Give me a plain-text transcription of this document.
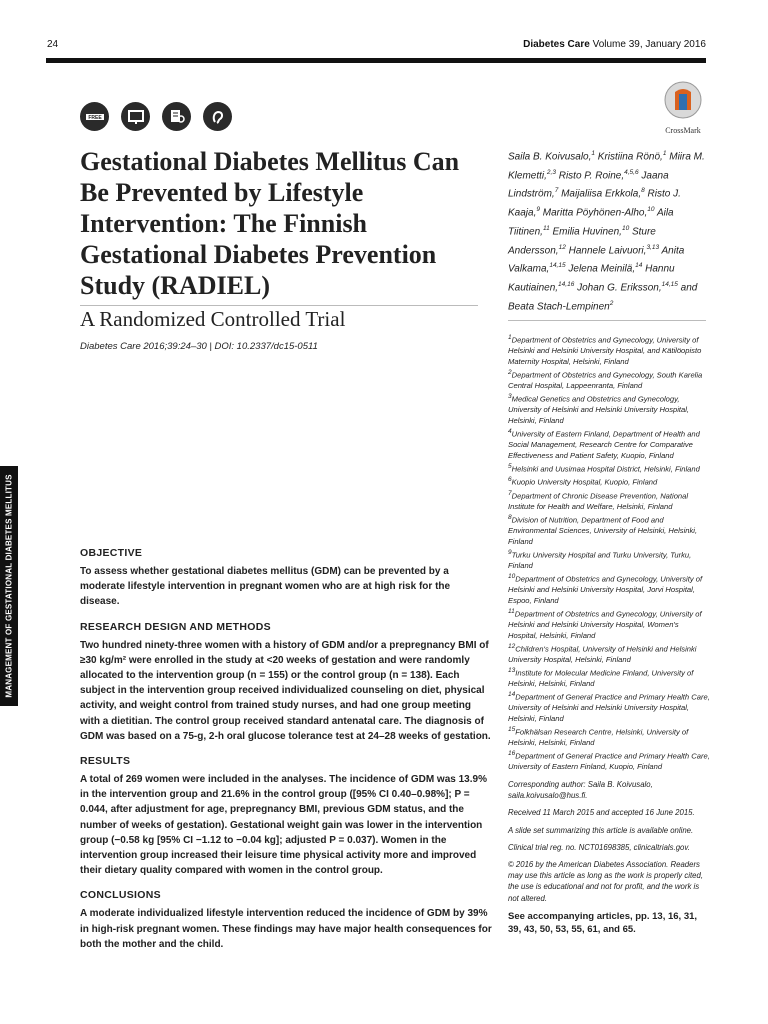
24	Diabetes Care Volume 39, January 2016
FREE
CrossMark
Gestational Diabetes Mellitus Can Be Prevented by Lifestyle Intervention: The Finnish Gestational Diabetes Prevention Study (RADIEL)
A Randomized Controlled Trial
Diabetes Care 2016;39:24–30 | DOI: 10.2337/dc15-0511
MANAGEMENT OF GESTATIONAL DIABETES MELLITUS	OBJECTIVE
To assess whether gestational diabetes mellitus (GDM) can be prevented by a moderate lifestyle intervention in pregnant women who are at high risk for the disease.
RESEARCH DESIGN AND METHODS
Two hundred ninety-three women with a history of GDM and/or a prepregnancy BMI of ≥30 kg/m² were enrolled in the study at <20 weeks of gestation and were randomly allocated to the intervention group (n = 155) or the control group (n = 138). Each subject in the intervention group received individualized counseling on diet, physical activity, and weight control from trained study nurses, and had one group meeting with a dietitian. The control group received standard antenatal care. The diagnosis of GDM was based on a 75-g, 2-h oral glucose tolerance test at 24–28 weeks of gestation.
RESULTS
A total of 269 women were included in the analyses. The incidence of GDM was 13.9% in the intervention group and 21.6% in the control group ([95% CI 0.40–0.98%]; P = 0.044, after adjustment for age, prepregnancy BMI, previous GDM status, and the number of weeks of gestation). Gestational weight gain was lower in the intervention group (−0.58 kg [95% CI −1.12 to −0.04 kg]; adjusted P = 0.037). Women in the intervention group increased their leisure time physical activity more and improved their dietary quality compared with women in the control group.
CONCLUSIONS
A moderate individualized lifestyle intervention reduced the incidence of GDM by 39% in high-risk pregnant women. These findings may have major health consequences for both the mother and the child.
Saila B. Koivusalo,$^1$ Kristiina Rönö,$^1$ Miira M. Klemetti,$^{2,3}$ Risto P. Roine,$^{4,5,6}$ Jaana Lindström,$^7$ Maijaliisa Erkkola,$^8$ Risto J. Kaaja,$^9$ Maritta Pöyhönen-Alho,$^{10}$ Aila Tiitinen,$^{11}$ Emilia Huvinen,$^{10}$ Sture Andersson,$^{12}$ Hannele Laivuori,$^{3,13}$ Anita Valkama,$^{14,15}$ Jelena Meinilä,$^{14}$ Hannu Kautiainen,$^{14,16}$ Johan G. Eriksson,$^{14,15}$ and Beata Stach-Lempinen$^2$
$^1$Department of Obstetrics and Gynecology, University of Helsinki and Helsinki University Hospital, and Kätilöopisto Maternity Hospital, Helsinki, Finland
$^2$Department of Obstetrics and Gynecology, South Karelia Central Hospital, Lappeenranta, Finland
$^3$Medical Genetics and Obstetrics and Gynecology, University of Helsinki and Helsinki University Hospital, Helsinki, Finland
$^4$University of Eastern Finland, Department of Health and Social Management, Research Centre for Comparative Effectiveness and Patient Safety, Kuopio, Finland
$^5$Helsinki and Uusimaa Hospital District, Helsinki, Finland
$^6$Kuopio University Hospital, Kuopio, Finland
$^7$Department of Chronic Disease Prevention, National Institute for Health and Welfare, Helsinki, Finland
$^8$Division of Nutrition, Department of Food and Environmental Sciences, University of Helsinki, Helsinki, Finland
$^9$Turku University Hospital and Turku University, Turku, Finland
$^{10}$Department of Obstetrics and Gynecology, University of Helsinki and Helsinki University Hospital, Jorvi Hospital, Espoo, Finland
$^{11}$Department of Obstetrics and Gynecology, University of Helsinki and Helsinki University Hospital, Women's Hospital, Helsinki, Finland
$^{12}$Children's Hospital, University of Helsinki and Helsinki University Hospital, Helsinki, Finland
$^{13}$Institute for Molecular Medicine Finland, University of Helsinki, Helsinki, Finland
$^{14}$Department of General Practice and Primary Health Care, University of Helsinki and Helsinki University Hospital, Helsinki, Finland
$^{15}$Folkhälsan Research Centre, Helsinki, University of Helsinki, Helsinki, Finland
$^{16}$Department of General Practice and Primary Health Care, University of Eastern Finland, Kuopio, Finland
Corresponding author: Saila B. Koivusalo, saila.koivusalo@hus.fi.
Received 11 March 2015 and accepted 16 June 2015.
A slide set summarizing this article is available online.
Clinical trial reg. no. NCT01698385, clinicaltrials.gov.
© 2016 by the American Diabetes Association. Readers may use this article as long as the work is properly cited, the use is educational and not for profit, and the work is not altered.
See accompanying articles, pp. 13, 16, 31, 39, 43, 50, 53, 55, 61, and 65.
